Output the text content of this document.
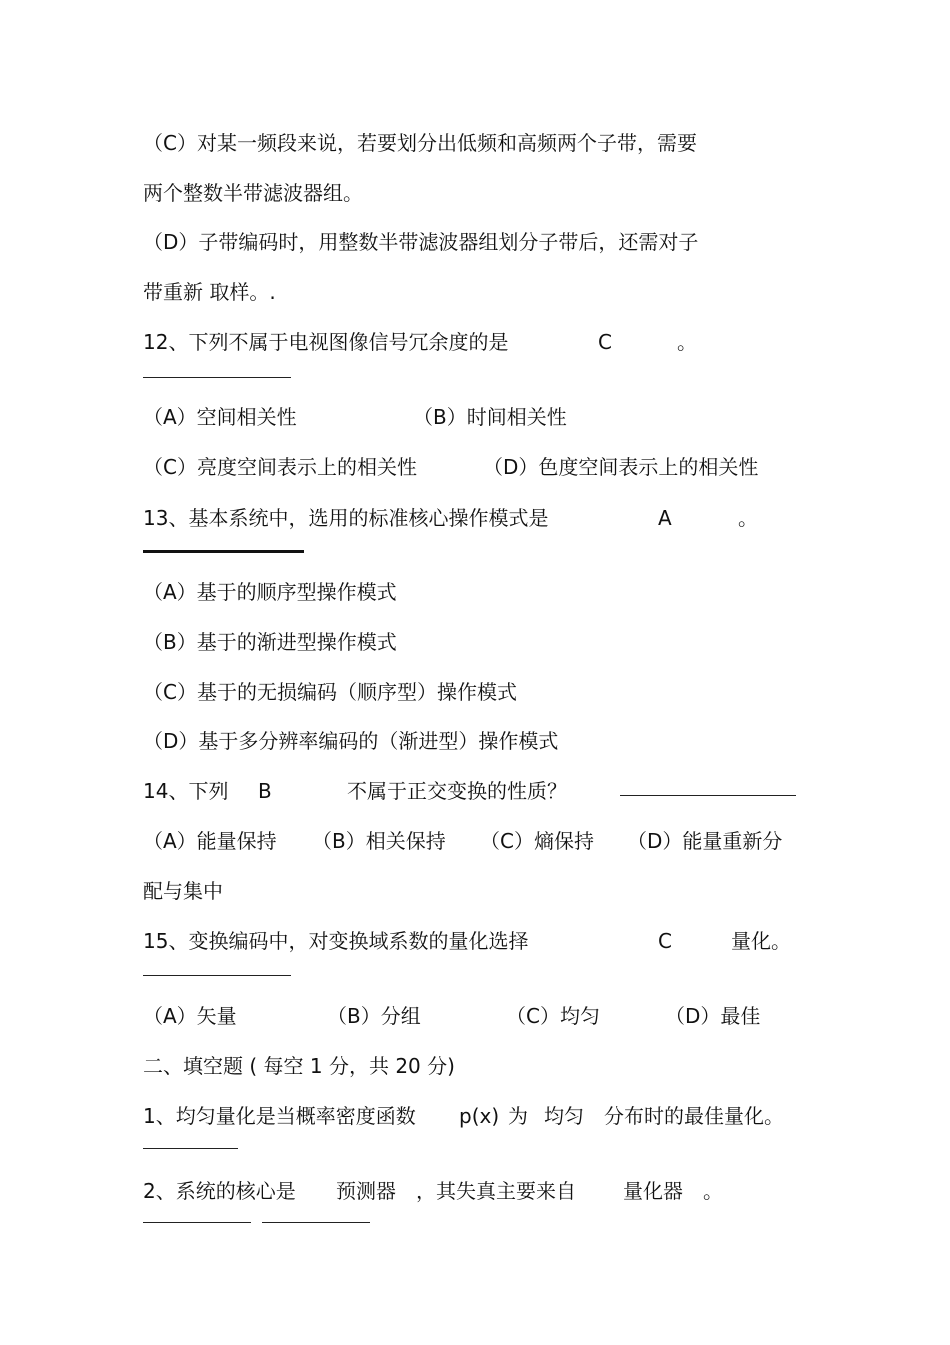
（C）对某一频段来说，若要划分出低频和高频两个子带，需要
两个整数半带滤波器组。
（D）子带编码时，用整数半带滤波器组划分子带后，还需对子
带重新 取样。.
12、下列不属于电视图像信号冗余度的是	C	。
（A）空间相关性	（B）时间相关性
（C）亮度空间表示上的相关性	（D）色度空间表示上的相关性
13、基本系统中，选用的标准核心操作模式是	A	。
（A）基于的顺序型操作模式
（B）基于的渐进型操作模式
（C）基于的无损编码（顺序型）操作模式
（D）基于多分辨率编码的（渐进型）操作模式
14、下列 B	不属于正交变换的性质？
（A）能量保持 （B）相关保持 （C）熵保持 （D）能量重新分
配与集中
15、变换编码中，对变换域系数的量化选择	C	量化。
（A）矢量	（B）分组	（C）均匀	（D）最佳
二、填空题 ( 每空 1 分，共 20 分)
1、均匀量化是当概率密度函数 p(x) 为 均匀 分布时的最佳量化。
2、系统的核心是 预测器 ，其失真主要来自 量化器 。
